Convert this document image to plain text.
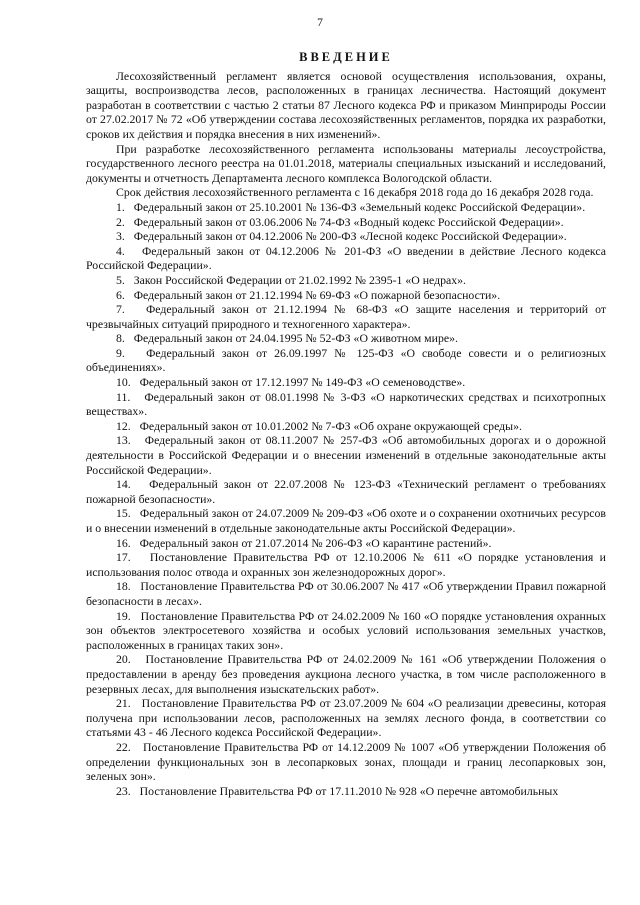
7
ВВЕДЕНИЕ

Лесохозяйственный регламент является основой осуществления использования, охраны, защиты, воспроизводства лесов, расположенных в границах лесничества. Настоящий документ разработан в соответствии с частью 2 статьи 87 Лесного кодекса РФ и приказом Минприроды России от 27.02.2017 № 72 «Об утверждении состава лесохозяйственных регламентов, порядка их разработки, сроков их действия и порядка внесения в них изменений».

При разработке лесохозяйственного регламента использованы материалы лесоустройства, государственного лесного реестра на 01.01.2018, материалы специальных изысканий и исследований, документы и отчетность Департамента лесного комплекса Вологодской области.

Срок действия лесохозяйственного регламента с 16 декабря 2018 года до 16 декабря 2028 года.

1. Федеральный закон от 25.10.2001 № 136-ФЗ «Земельный кодекс Российской Федерации».

2. Федеральный закон от 03.06.2006 № 74-ФЗ «Водный кодекс Российской Федерации».

3. Федеральный закон от 04.12.2006 № 200-ФЗ «Лесной кодекс Российской Федерации».

4. Федеральный закон от 04.12.2006 № 201-ФЗ «О введении в действие Лесного кодекса Российской Федерации».

5. Закон Российской Федерации от 21.02.1992 № 2395-1 «О недрах».

6. Федеральный закон от 21.12.1994 № 69-ФЗ «О пожарной безопасности».

7. Федеральный закон от 21.12.1994 № 68-ФЗ «О защите населения и территорий от чрезвычайных ситуаций природного и техногенного характера».

8. Федеральный закон от 24.04.1995 № 52-ФЗ «О животном мире».

9. Федеральный закон от 26.09.1997 № 125-ФЗ «О свободе совести и о религиозных объединениях».

10. Федеральный закон от 17.12.1997 № 149-ФЗ «О семеноводстве».

11. Федеральный закон от 08.01.1998 № 3-ФЗ «О наркотических средствах и психотропных веществах».

12. Федеральный закон от 10.01.2002 № 7-ФЗ «Об охране окружающей среды».

13. Федеральный закон от 08.11.2007 № 257-ФЗ «Об автомобильных дорогах и о дорожной деятельности в Российской Федерации и о внесении изменений в отдельные законодательные акты Российской Федерации».

14. Федеральный закон от 22.07.2008 № 123-ФЗ «Технический регламент о требованиях пожарной безопасности».

15. Федеральный закон от 24.07.2009 № 209-ФЗ «Об охоте и о сохранении охотничьих ресурсов и о внесении изменений в отдельные законодательные акты Российской Федерации».

16. Федеральный закон от 21.07.2014 № 206-ФЗ «О карантине растений».

17. Постановление Правительства РФ от 12.10.2006 № 611 «О порядке установления и использования полос отвода и охранных зон железнодорожных дорог».

18. Постановление Правительства РФ от 30.06.2007 № 417 «Об утверждении Правил пожарной безопасности в лесах».

19. Постановление Правительства РФ от 24.02.2009 № 160 «О порядке установления охранных зон объектов электросетевого хозяйства и особых условий использования земельных участков, расположенных в границах таких зон».

20. Постановление Правительства РФ от 24.02.2009 № 161 «Об утверждении Положения о предоставлении в аренду без проведения аукциона лесного участка, в том числе расположенного в резервных лесах, для выполнения изыскательских работ».

21. Постановление Правительства РФ от 23.07.2009 № 604 «О реализации древесины, которая получена при использовании лесов, расположенных на землях лесного фонда, в соответствии со статьями 43 - 46 Лесного кодекса Российской Федерации».

22. Постановление Правительства РФ от 14.12.2009 № 1007 «Об утверждении Положения об определении функциональных зон в лесопарковых зонах, площади и границ лесопарковых зон, зеленых зон».

23. Постановление Правительства РФ от 17.11.2010 № 928 «О перечне автомобильных
